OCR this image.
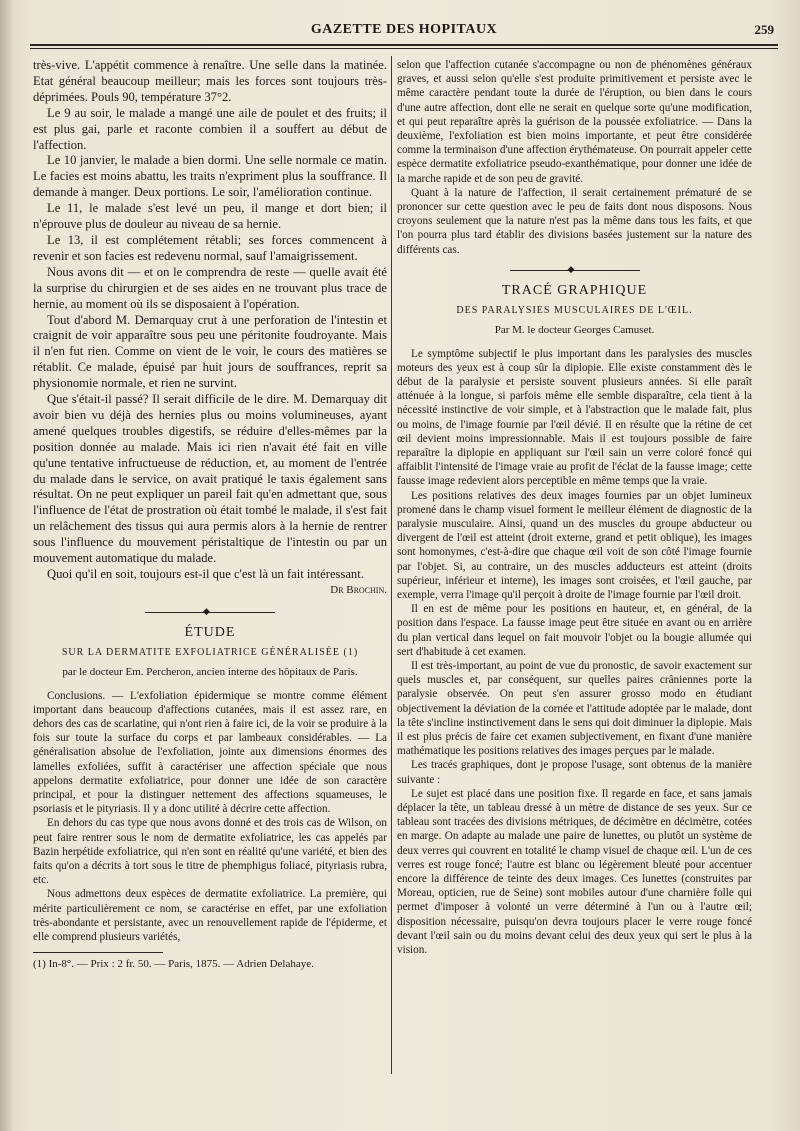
GAZETTE DES HOPITAUX	259

très-vive. L'appétit commence à renaître. Une selle dans la matinée. Etat général beaucoup meilleur; mais les forces sont toujours très-déprimées. Pouls 90, température 37°2.

Le 9 au soir, le malade a mangé une aile de poulet et des fruits; il est plus gai, parle et raconte combien il a souffert au début de l'affection.

Le 10 janvier, le malade a bien dormi. Une selle normale ce matin. Le facies est moins abattu, les traits n'expriment plus la souffrance. Il demande à manger. Deux portions. Le soir, l'amélioration continue.

Le 11, le malade s'est levé un peu, il mange et dort bien; il n'éprouve plus de douleur au niveau de sa hernie.

Le 13, il est complétement rétabli; ses forces commencent à revenir et son facies est redevenu normal, sauf l'amaigrissement.

Nous avons dit — et on le comprendra de reste — quelle avait été la surprise du chirurgien et de ses aides en ne trouvant plus trace de hernie, au moment où ils se disposaient à l'opération.

Tout d'abord M. Demarquay crut à une perforation de l'intestin et craignit de voir apparaître sous peu une péritonite foudroyante. Mais il n'en fut rien. Comme on vient de le voir, le cours des matières se rétablit. Ce malade, épuisé par huit jours de souffrances, reprit sa physionomie normale, et rien ne survint.

Que s'était-il passé? Il serait difficile de le dire. M. Demarquay dit avoir bien vu déjà des hernies plus ou moins volumineuses, ayant amené quelques troubles digestifs, se réduire d'elles-mêmes par la position donnée au malade. Mais ici rien n'avait été fait en ville qu'une tentative infructueuse de réduction, et, au moment de l'entrée du malade dans le service, on avait pratiqué le taxis également sans résultat. On ne peut expliquer un pareil fait qu'en admettant que, sous l'influence de l'état de prostration où était tombé le malade, il s'est fait un relâchement des tissus qui aura permis alors à la hernie de rentrer sous l'influence du mouvement péristaltique de l'intestin ou par un mouvement automatique du malade.

Quoi qu'il en soit, toujours est-il que c'est là un fait intéressant.

Dr Brochin.
◆
ÉTUDE
SUR LA DERMATITE EXFOLIATRICE GÉNÉRALISÉE (1)
par le docteur Em. Percheron, ancien interne des hôpitaux de Paris.

Conclusions. — L'exfoliation épidermique se montre comme élément important dans beaucoup d'affections cutanées, mais il est assez rare, en dehors des cas de scarlatine, qui n'ont rien à faire ici, de la voir se produire à la fois sur toute la surface du corps et par lambeaux considérables. — La généralisation absolue de l'exfoliation, jointe aux dimensions énormes des lamelles exfoliées, suffit à caractériser une affection spéciale que nous appelons dermatite exfoliatrice, pour donner une idée de son caractère principal, et pour la distinguer nettement des affections squameuses, le psoriasis et le pityriasis. Il y a donc utilité à décrire cette affection.

En dehors du cas type que nous avons donné et des trois cas de Wilson, on peut faire rentrer sous le nom de dermatite exfoliatrice, les cas appelés par Bazin herpétide exfoliatrice, qui n'en sont en réalité qu'une variété, et bien des faits qu'on a décrits à tort sous le titre de phemphigus foliacé, pityriasis rubra, etc.

Nous admettons deux espèces de dermatite exfoliatrice. La première, qui mérite particulièrement ce nom, se caractérise en effet, par une exfoliation très-abondante et persistante, avec un renouvellement rapide de l'épiderme, et elle comprend plusieurs variétés,

(1) In-8°. — Prix : 2 fr. 50. — Paris, 1875. — Adrien Delahaye.

selon que l'affection cutanée s'accompagne ou non de phénomènes généraux graves, et aussi selon qu'elle s'est produite primitivement et persiste avec le même caractère pendant toute la durée de l'éruption, ou bien dans le cours d'une autre affection, dont elle ne serait en quelque sorte qu'une modification, et qui peut reparaître après la guérison de la poussée exfoliatrice. — Dans la deuxième, l'exfoliation est bien moins importante, et peut être considérée comme la terminaison d'une affection érythémateuse. On pourrait appeler cette espèce dermatite exfoliatrice pseudo-exanthématique, pour donner une idée de la marche rapide et de son peu de gravité.

Quant à la nature de l'affection, il serait certainement prématuré de se prononcer sur cette question avec le peu de faits dont nous disposons. Nous croyons seulement que la nature n'est pas la même dans tous les faits, et que l'on pourra plus tard établir des divisions basées justement sur la nature des différents cas.

◆
TRACÉ GRAPHIQUE
DES PARALYSIES MUSCULAIRES DE L'ŒIL.
Par M. le docteur Georges Camuset.

Le symptôme subjectif le plus important dans les paralysies des muscles moteurs des yeux est à coup sûr la diplopie. Elle existe constamment dès le début de la paralysie et persiste souvent plusieurs années. Si elle paraît atténuée à la longue, si parfois même elle semble disparaître, cela tient à la nécessité instinctive de voir simple, et à l'abstraction que le malade fait, plus ou moins, de l'image fournie par l'œil dévié. Il en résulte que la rétine de cet œil devient moins impressionnable. Mais il est toujours possible de faire reparaître la diplopie en appliquant sur l'œil sain un verre coloré foncé qui affaiblit l'intensité de l'image vraie au profit de l'éclat de la fausse image; cette fausse image redevient alors perceptible en même temps que la vraie.

Les positions relatives des deux images fournies par un objet lumineux promené dans le champ visuel forment le meilleur élément de diagnostic de la paralysie musculaire. Ainsi, quand un des muscles du groupe abducteur ou divergent de l'œil est atteint (droit externe, grand et petit oblique), les images sont homonymes, c'est-à-dire que chaque œil voit de son côté l'image fournie par l'objet. Si, au contraire, un des muscles adducteurs est atteint (droits supérieur, inférieur et interne), les images sont croisées, et l'œil gauche, par exemple, verra l'image qu'il perçoit à droite de l'image fournie par l'œil droit.

Il en est de même pour les positions en hauteur, et, en général, de la position dans l'espace. La fausse image peut être située en avant ou en arrière du plan vertical dans lequel on fait mouvoir l'objet ou la bougie allumée qui sert d'habitude à cet examen.

Il est très-important, au point de vue du pronostic, de savoir exactement sur quels muscles et, par conséquent, sur quelles paires crâniennes porte la paralysie observée. On peut s'en assurer grosso modo en étudiant objectivement la déviation de la cornée et l'attitude adoptée par le malade, dont la tête s'incline instinctivement dans le sens qui doit diminuer la diplopie. Mais il est plus précis de faire cet examen subjectivement, en fixant d'une manière mathématique les positions relatives des images perçues par le malade.

Les tracés graphiques, dont je propose l'usage, sont obtenus de la manière suivante :

Le sujet est placé dans une position fixe. Il regarde en face, et sans jamais déplacer la tête, un tableau dressé à un mètre de distance de ses yeux. Sur ce tableau sont tracées des divisions métriques, de décimètre en décimètre, cotées en marge. On adapte au malade une paire de lunettes, ou plutôt un système de deux verres qui couvrent en totalité le champ visuel de chaque œil. L'un de ces verres est rouge foncé; l'autre est blanc ou légèrement bleuté pour accentuer encore la différence de teinte des deux images. Ces lunettes (construites par Moreau, opticien, rue de Seine) sont mobiles autour d'une charnière folle qui permet d'imposer à volonté un verre déterminé à l'un ou à l'autre œil; disposition nécessaire, puisqu'on devra toujours placer le verre rouge foncé devant l'œil sain ou du moins devant celui des deux yeux qui sert le plus à la vision.
